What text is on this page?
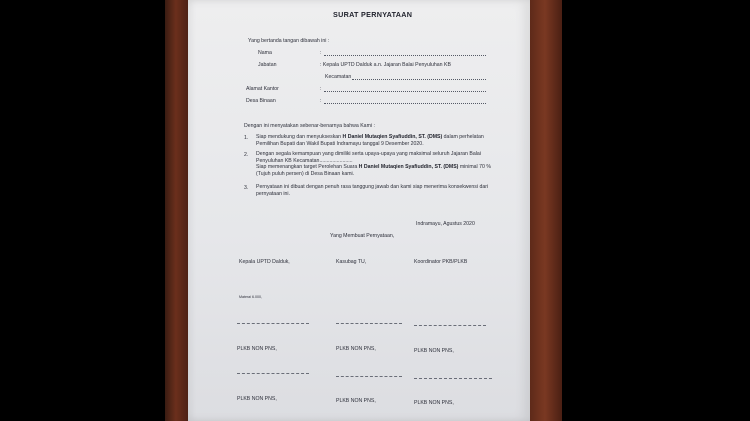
SURAT PERNYATAAN
Yang bertanda tangan dibawah ini :
Nama	:
Jabatan	: Kepala UPTD Dalduk a.n. Jajaran Balai Penyuluhan KB
Kecamatan
Alamat Kantor	:
Desa Binaan	:
Dengan ini menyatakan sebenar-benarnya bahwa Kami :
1. Siap mendukung dan menyukseskan H Daniel Mutaqien Syafiuddin, ST. (DMS) dalam perhelatan Pemilihan Bupati dan Wakil Bupati Indramayu tanggal 9 Desember 2020.
2. Dengan segala kemampuan yang dimiliki serta upaya-upaya yang maksimal seluruh Jajaran Balai Penyuluhan KB Kecamatan.......................
Siap memenangkan target Perolehan Suara H Daniel Mutaqien Syafiuddin, ST. (DMS) minimal 70 % (Tujuh puluh persen) di Desa Binaan kami.
3. Pernyataan ini dibuat dengan penuh rasa tanggung jawab dan kami siap menerima konsekwensi dari pernyataan ini.
Indramayu, Agustus 2020
Yang Membuat Pernyataan,
Kepala UPTD Dalduk,	Kasubag TU,	Koordinator PKB/PLKB
Materai 6.000,
PLKB NON PNS,	PLKB NON PNS,	PLKB NON PNS,
PLKB NON PNS,	PLKB NON PNS,	PLKB NON PNS,
